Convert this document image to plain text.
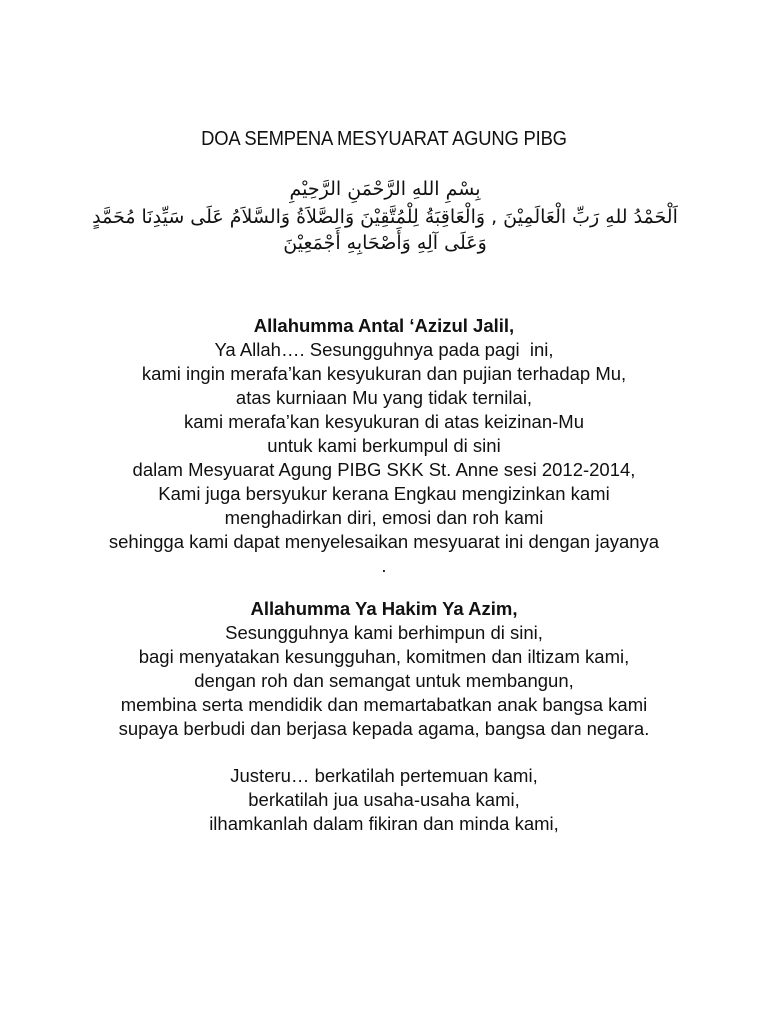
DOA SEMPENA MESYUARAT AGUNG PIBG
بِسْمِ اللهِ الرَّحْمَنِ الرَّحِيْمِ
اَلْحَمْدُ للهِ رَبِّ الْعَالَمِيْنَ , وَالْعَاقِبَةُ لِلْمُتَّقِيْنَ وَالصَّلاَةُ وَالسَّلاَمُ عَلَى سَيِّدِنَا مُحَمَّدٍ
وَعَلَى آلِهِ وَأَصْحَابِهِ أَجْمَعِيْنَ
Allahumma Antal ‘Azizul Jalil,
Ya Allah…. Sesungguhnya pada pagi  ini,
kami ingin merafa’kan kesyukuran dan pujian terhadap Mu,
atas kurniaan Mu yang tidak ternilai,
kami merafa’kan kesyukuran di atas keizinan-Mu
untuk kami berkumpul di sini
dalam Mesyuarat Agung PIBG SKK St. Anne sesi 2012-2014,
Kami juga bersyukur kerana Engkau mengizinkan kami
menghadirkan diri, emosi dan roh kami
sehingga kami dapat menyelesaikan mesyuarat ini dengan jayanya
.
Allahumma Ya Hakim Ya Azim,
Sesungguhnya kami berhimpun di sini,
bagi menyatakan kesungguhan, komitmen dan iltizam kami,
dengan roh dan semangat untuk membangun,
membina serta mendidik dan memartabatkan anak bangsa kami
supaya berbudi dan berjasa kepada agama, bangsa dan negara.
Justeru… berkatilah pertemuan kami,
berkatilah jua usaha-usaha kami,
ilhamkanlah dalam fikiran dan minda kami,
